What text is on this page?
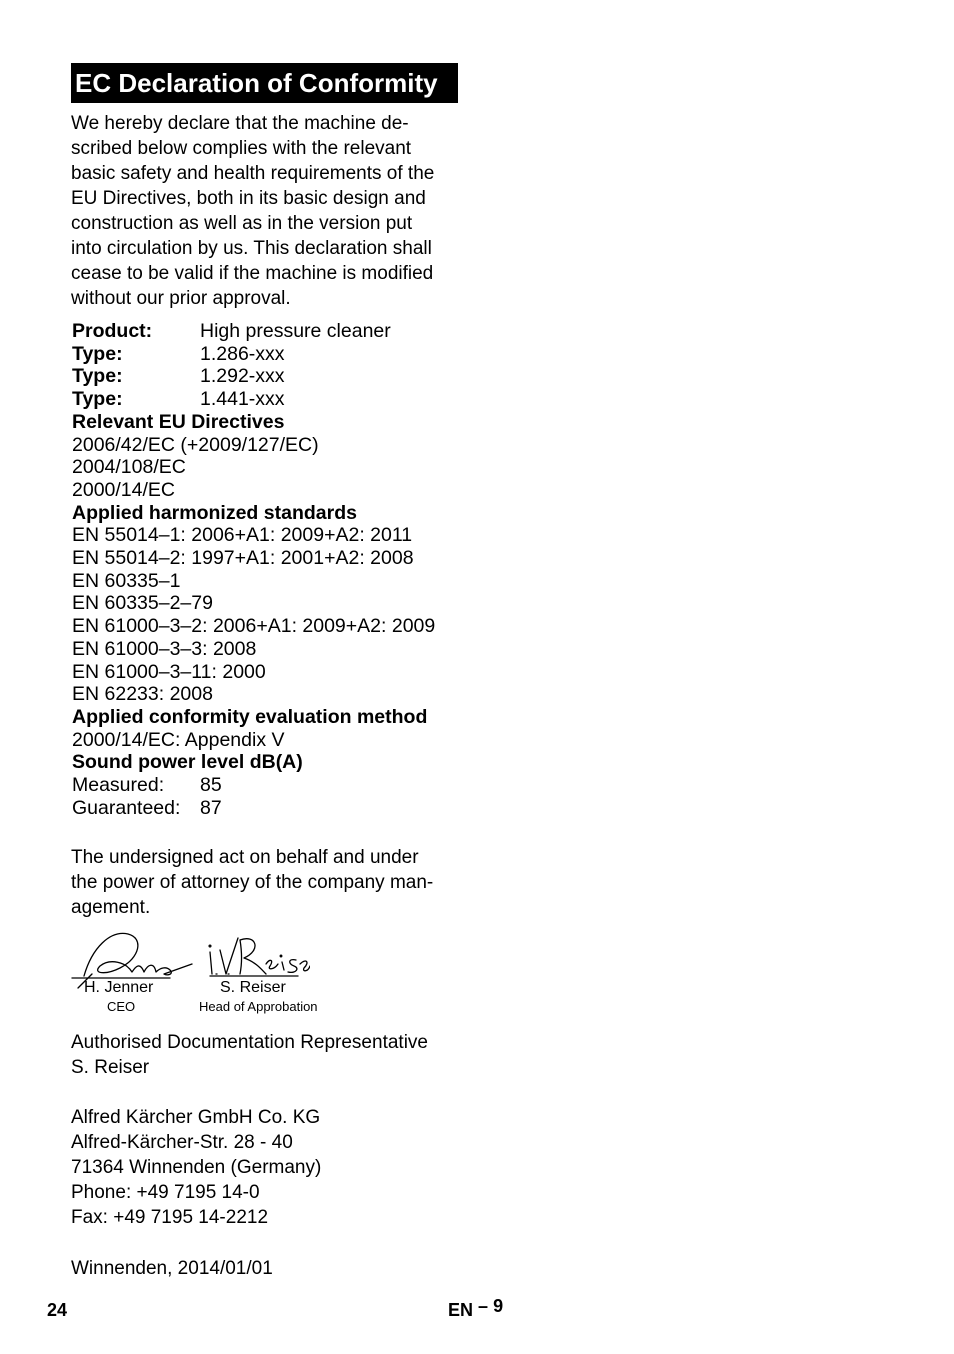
EC Declaration of Conformity

We hereby declare that the machine de-

scribed below complies with the relevant

basic safety and health requirements of the

EU Directives, both in its basic design and

construction as well as in the version put

into circulation by us. This declaration shall

cease to be valid if the machine is modified

without our prior approval.

Product: High pressure cleaner
Type:	1.286-xxx
Type:	1.292-xxx
Type:	1.441-xxx
Relevant EU Directives
2006/42/EC (+2009/127/EC)
2004/108/EC
2000/14/EC
Applied harmonized standards
EN 55014–1: 2006+A1: 2009+A2: 2011
EN 55014–2: 1997+A1: 2001+A2: 2008
EN 60335–1
EN 60335–2–79
EN 61000–3–2: 2006+A1: 2009+A2: 2009
EN 61000–3–3: 2008
EN 61000–3–11: 2000
EN 62233: 2008
Applied conformity evaluation method
2000/14/EC: Appendix V
Sound power level dB(A)
Measured: 85
Guaranteed: 87

The undersigned act on behalf and under

the power of attorney of the company man-

agement.

H. Jenner
CEO
S. Reiser
Head of Approbation

Authorised Documentation Representative

S. Reiser

Alfred Kärcher GmbH Co. KG

Alfred-Kärcher-Str. 28 - 40

71364 Winnenden (Germany)

Phone: +49 7195 14-0

Fax: +49 7195 14-2212

Winnenden, 2014/01/01

24	EN – 9
